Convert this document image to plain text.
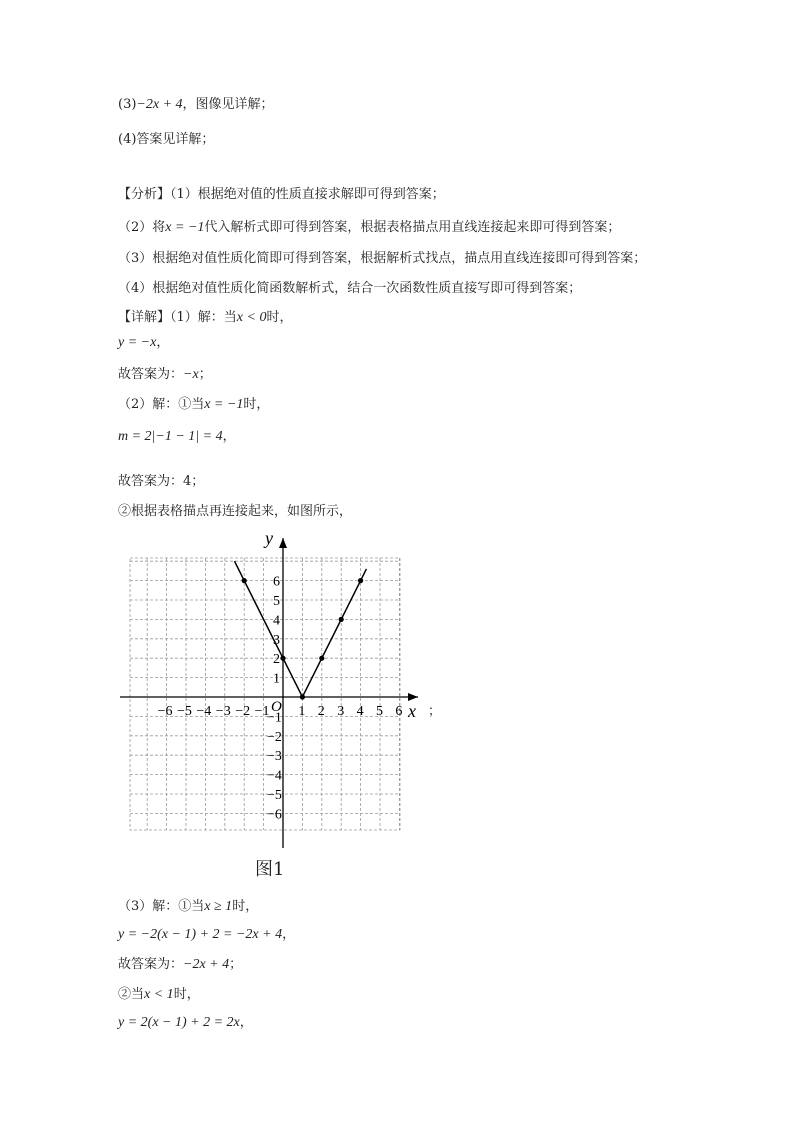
(3)−2x + 4，图像见详解；
(4)答案见详解；
【分析】（1）根据绝对值的性质直接求解即可得到答案；
（2）将x = −1代入解析式即可得到答案，根据表格描点用直线连接起来即可得到答案；
（3）根据绝对值性质化简即可得到答案，根据解析式找点，描点用直线连接即可得到答案；
（4）根据绝对值性质化简函数解析式，结合一次函数性质直接写即可得到答案；
【详解】（1）解：当x < 0时，
y = −x，
故答案为：−x；
（2）解：①当x = −1时，
m = 2|−1 − 1| = 4，
故答案为：4；
②根据表格描点再连接起来，如图所示，
x
y
O
−6 −5 −4 −3 −2 −1 1 2 3 4 5 6
6
5
4
3
2
1
−1
−2
−3
−4
−5
−6
；
图1
（3）解：①当x ≥ 1时，
y = −2(x − 1) + 2 = −2x + 4，
故答案为：−2x + 4；
②当x < 1时，
y = 2(x − 1) + 2 = 2x，
